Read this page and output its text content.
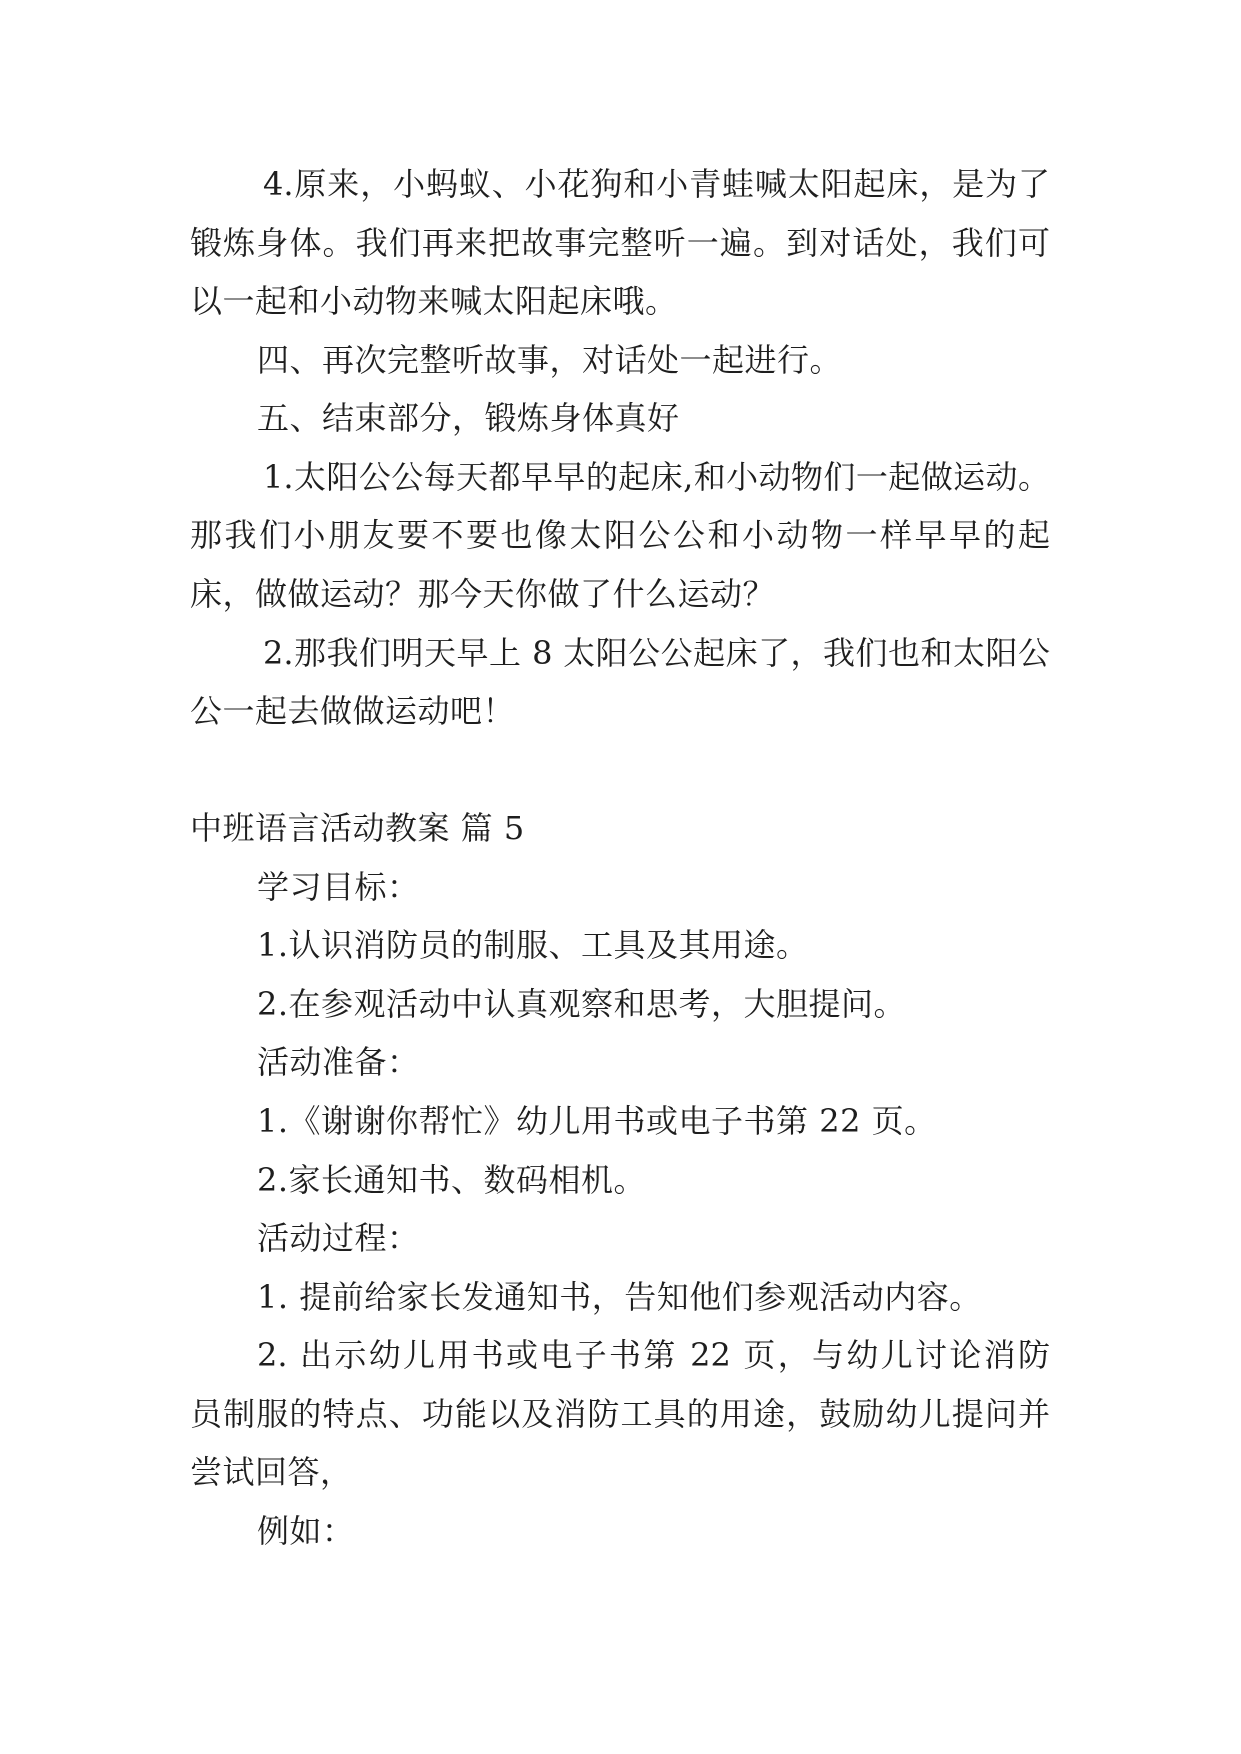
4.原来，小蚂蚁、小花狗和小青蛙喊太阳起床，是为了
锻炼身体。我们再来把故事完整听一遍。到对话处，我们可
以一起和小动物来喊太阳起床哦。
四、再次完整听故事，对话处一起进行。
五、结束部分，锻炼身体真好
1.太阳公公每天都早早的起床,和小动物们一起做运动。
那我们小朋友要不要也像太阳公公和小动物一样早早的起
床，做做运动？那今天你做了什么运动？
2.那我们明天早上 8 太阳公公起床了，我们也和太阳公
公一起去做做运动吧！
中班语言活动教案 篇 5
学习目标：
1.认识消防员的制服、工具及其用途。
2.在参观活动中认真观察和思考，大胆提问。
活动准备：
1.《谢谢你帮忙》幼儿用书或电子书第 22 页。
2.家长通知书、数码相机。
活动过程：
1. 提前给家长发通知书，告知他们参观活动内容。
2. 出示幼儿用书或电子书第 22 页，与幼儿讨论消防
员制服的特点、功能以及消防工具的用途，鼓励幼儿提问并
尝试回答，
例如：
